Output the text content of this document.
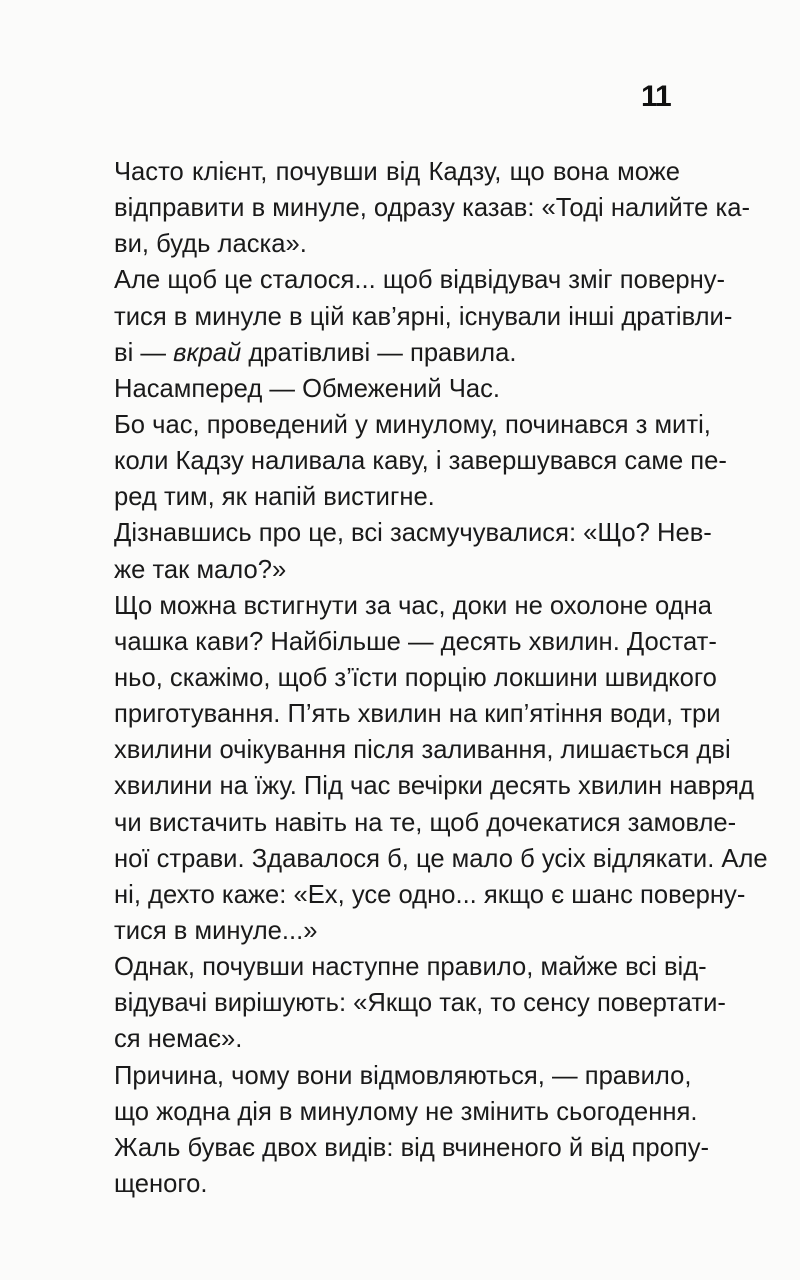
11
Часто клієнт, почувши від Кадзу, що вона може
відправити в минуле, одразу казав: «Тоді налийте ка-
ви, будь ласка».
Але щоб це сталося... щоб відвідувач зміг поверну-
тися в минуле в цій кав’ярні, існували інші дратівли-
ві — вкрай дратівливі — правила.
Насамперед — Обмежений Час.
Бо час, проведений у минулому, починався з миті,
коли Кадзу наливала каву, і завершувався саме пе-
ред тим, як напій вистигне.
Дізнавшись про це, всі засмучувалися: «Що? Нев-
же так мало?»
Що можна встигнути за час, доки не охолоне одна
чашка кави? Найбільше — десять хвилин. Достат-
ньо, скажімо, щоб з’їсти порцію локшини швидкого
приготування. П’ять хвилин на кип’ятіння води, три
хвилини очікування після заливання, лишається дві
хвилини на їжу. Під час вечірки десять хвилин навряд
чи вистачить навіть на те, щоб дочекатися замовле-
ної страви. Здавалося б, це мало б усіх відлякати. Але
ні, дехто каже: «Ех, усе одно... якщо є шанс поверну-
тися в минуле...»
Однак, почувши наступне правило, майже всі від-
відувачі вирішують: «Якщо так, то сенсу повертати-
ся немає».
Причина, чому вони відмовляються, — правило,
що жодна дія в минулому не змінить сьогодення.
Жаль буває двох видів: від вчиненого й від пропу-
щеного.
